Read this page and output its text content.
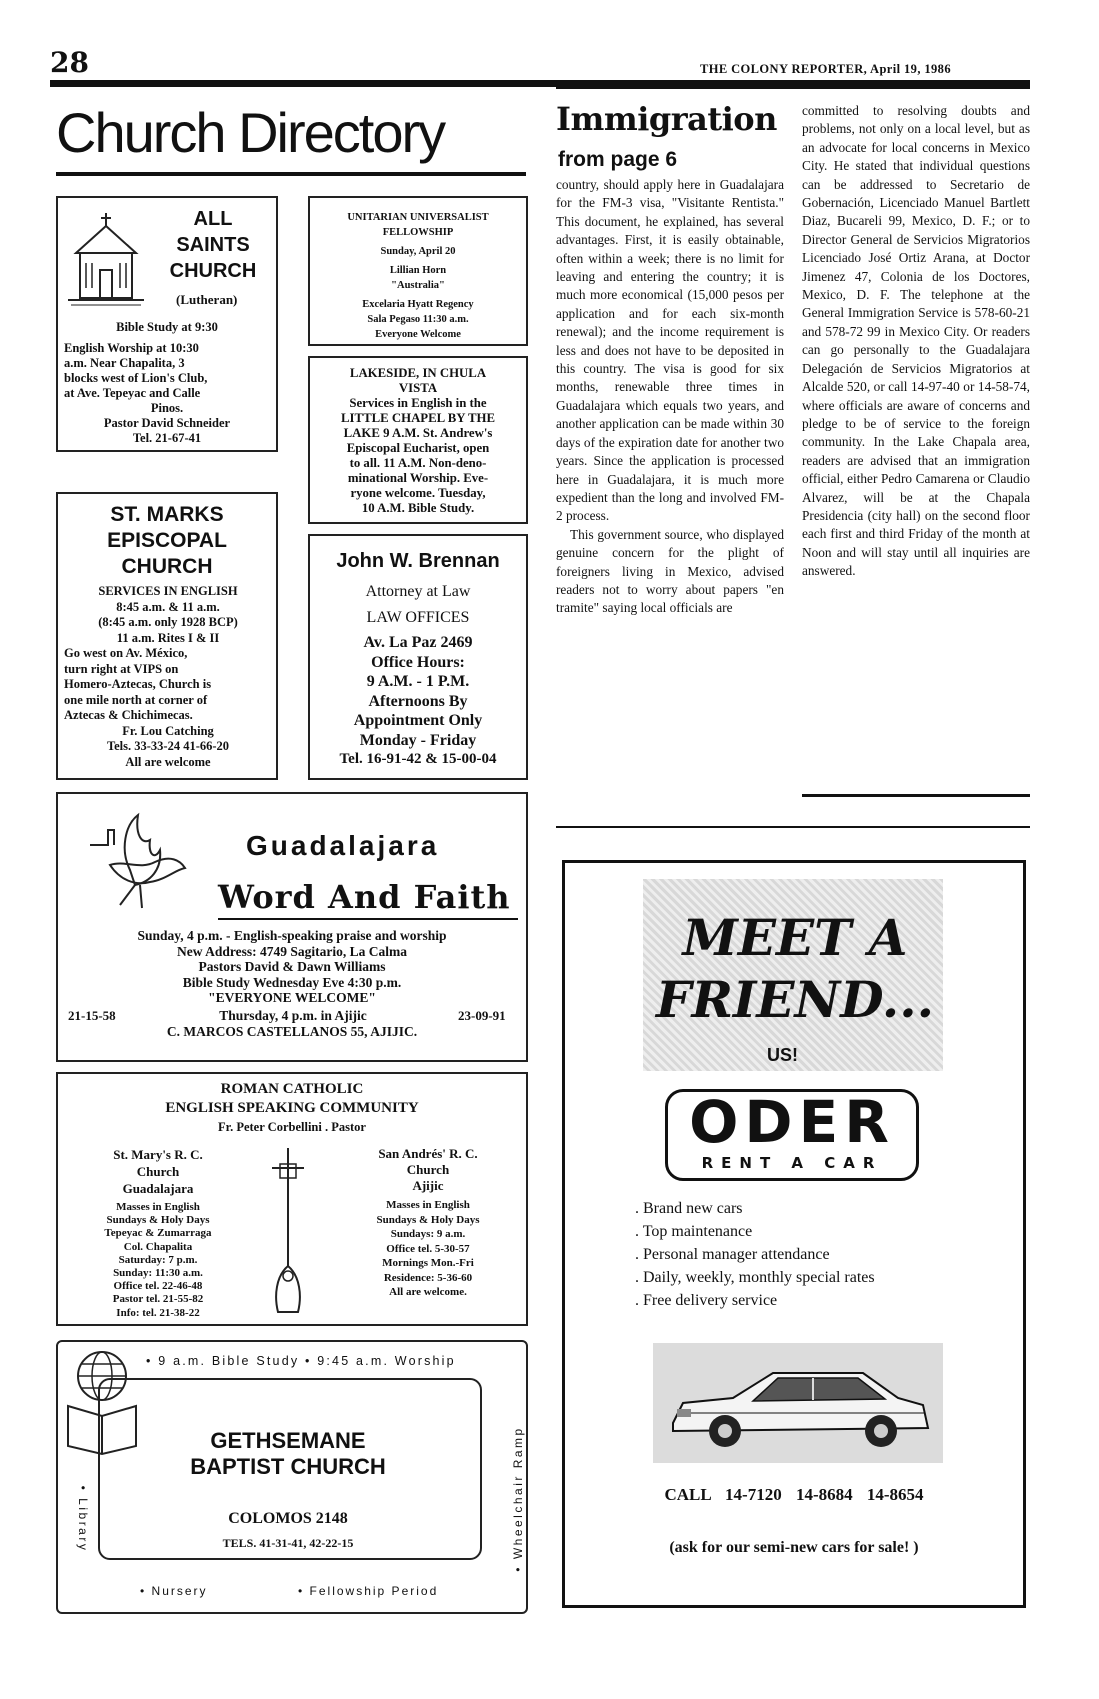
28	THE COLONY REPORTER, April 19, 1986
Church Directory
ALL
SAINTS
CHURCH
(Lutheran)
Bible Study at 9:30
English Worship at 10:30
a.m. Near Chapalita, 3
blocks west of Lion's Club,
at Ave. Tepeyac and Calle
Pinos.
Pastor David Schneider
Tel. 21-67-41
UNITARIAN UNIVERSALIST
FELLOWSHIP
Sunday, April 20
Lillian Horn
"Australia"
Excelaria Hyatt Regency
Sala Pegaso 11:30 a.m.
Everyone Welcome
LAKESIDE, IN CHULA
VISTA
Services in English in the
LITTLE CHAPEL BY THE
LAKE 9 A.M. St. Andrew's
Episcopal Eucharist, open
to all. 11 A.M. Non-deno-
minational Worship. Eve-
ryone welcome. Tuesday,
10 A.M. Bible Study.
ST. MARKS
EPISCOPAL
CHURCH
SERVICES IN ENGLISH
8:45 a.m. & 11 a.m.
(8:45 a.m. only 1928 BCP)
11 a.m. Rites I & II
Go west on Av. México,
turn right at VIPS on
Homero-Aztecas, Church is
one mile north at corner of
Aztecas & Chichimecas.
Fr. Lou Catching
Tels. 33-33-24 41-66-20
All are welcome
John W. Brennan
Attorney at Law
LAW OFFICES
Av. La Paz 2469
Office Hours:
9 A.M. - 1 P.M.
Afternoons By
Appointment Only
Monday - Friday
Tel. 16-91-42 & 15-00-04
Guadalajara
Word And Faith
Sunday, 4 p.m. - English-speaking praise and worship
New Address: 4749 Sagitario, La Calma
Pastors David & Dawn Williams
Bible Study Wednesday Eve 4:30 p.m.
"EVERYONE WELCOME"
21-15-58	Thursday, 4 p.m. in Ajijic	23-09-91
C. MARCOS CASTELLANOS 55, AJIJIC.
ROMAN CATHOLIC
ENGLISH SPEAKING COMMUNITY
Fr. Peter Corbellini . Pastor
St. Mary's R. C.
Church
Guadalajara
Masses in English
Sundays & Holy Days
Tepeyac & Zumarraga
Col. Chapalita
Saturday: 7 p.m.
Sunday: 11:30 a.m.
Office tel. 22-46-48
Pastor tel. 21-55-82
Info: tel. 21-38-22
San Andrés' R. C.
Church
Ajijic
Masses in English
Sundays & Holy Days
Sundays: 9 a.m.
Office tel. 5-30-57
Mornings Mon.-Fri
Residence: 5-36-60
All are welcome.
• 9 a.m. Bible Study • 9:45 a.m. Worship
• Library	• Wheelchair Ramp
GETHSEMANE
BAPTIST CHURCH
COLOMOS 2148
TELS. 41-31-41, 42-22-15
• Nursery	• Fellowship Period
Immigration
from page 6

country, should apply here in Guadalajara for the FM-3 visa, "Visitante Rentista." This document, he explained, has several advantages. First, it is easily obtainable, often within a week; there is no limit for leaving and entering the country; it is much more economical (15,000 pesos per application and for each six-month renewal); and the income requirement is less and does not have to be deposited in this country. The visa is good for six months, renewable three times in Guadalajara which equals two years, and another application can be made within 30 days of the expiration date for another two years. Since the application is processed here in Guadalajara, it is much more expedient than the long and involved FM-2 process.

This government source, who displayed genuine concern for the plight of foreigners living in Mexico, advised readers not to worry about papers "en tramite" saying local officials are

committed to resolving doubts and problems, not only on a local level, but as an advocate for local concerns in Mexico City. He stated that individual questions can be addressed to Secretario de Gobernación, Licenciado Manuel Bartlett Diaz, Bucareli 99, Mexico, D. F.; or to Director General de Servicios Migratorios Licenciado José Ortiz Arana, at Doctor Jimenez 47, Colonia de los Doctores, Mexico, D. F. The telephone at the General Immigration Service is 578-60-21 and 578-72 99 in Mexico City. Or readers can go personally to the Guadalajara Delegación de Servicios Migratorios at Alcalde 520, or call 14-97-40 or 14-58-74, where officials are aware of concerns and pledge to be of service to the foreign community. In the Lake Chapala area, readers are advised that an immigration official, either Pedro Camarena or Claudio Alvarez, will be at the Chapala Presidencia (city hall) on the second floor each first and third Friday of the month at Noon and will stay until all inquiries are answered.

MEET A
FRIEND...
US!
ODER
RENT A CAR
. Brand new cars
. Top maintenance
. Personal manager attendance
. Daily, weekly, monthly special rates
. Free delivery service
CALL 14-7120 14-8684 14-8654
(ask for our semi-new cars for sale! )
